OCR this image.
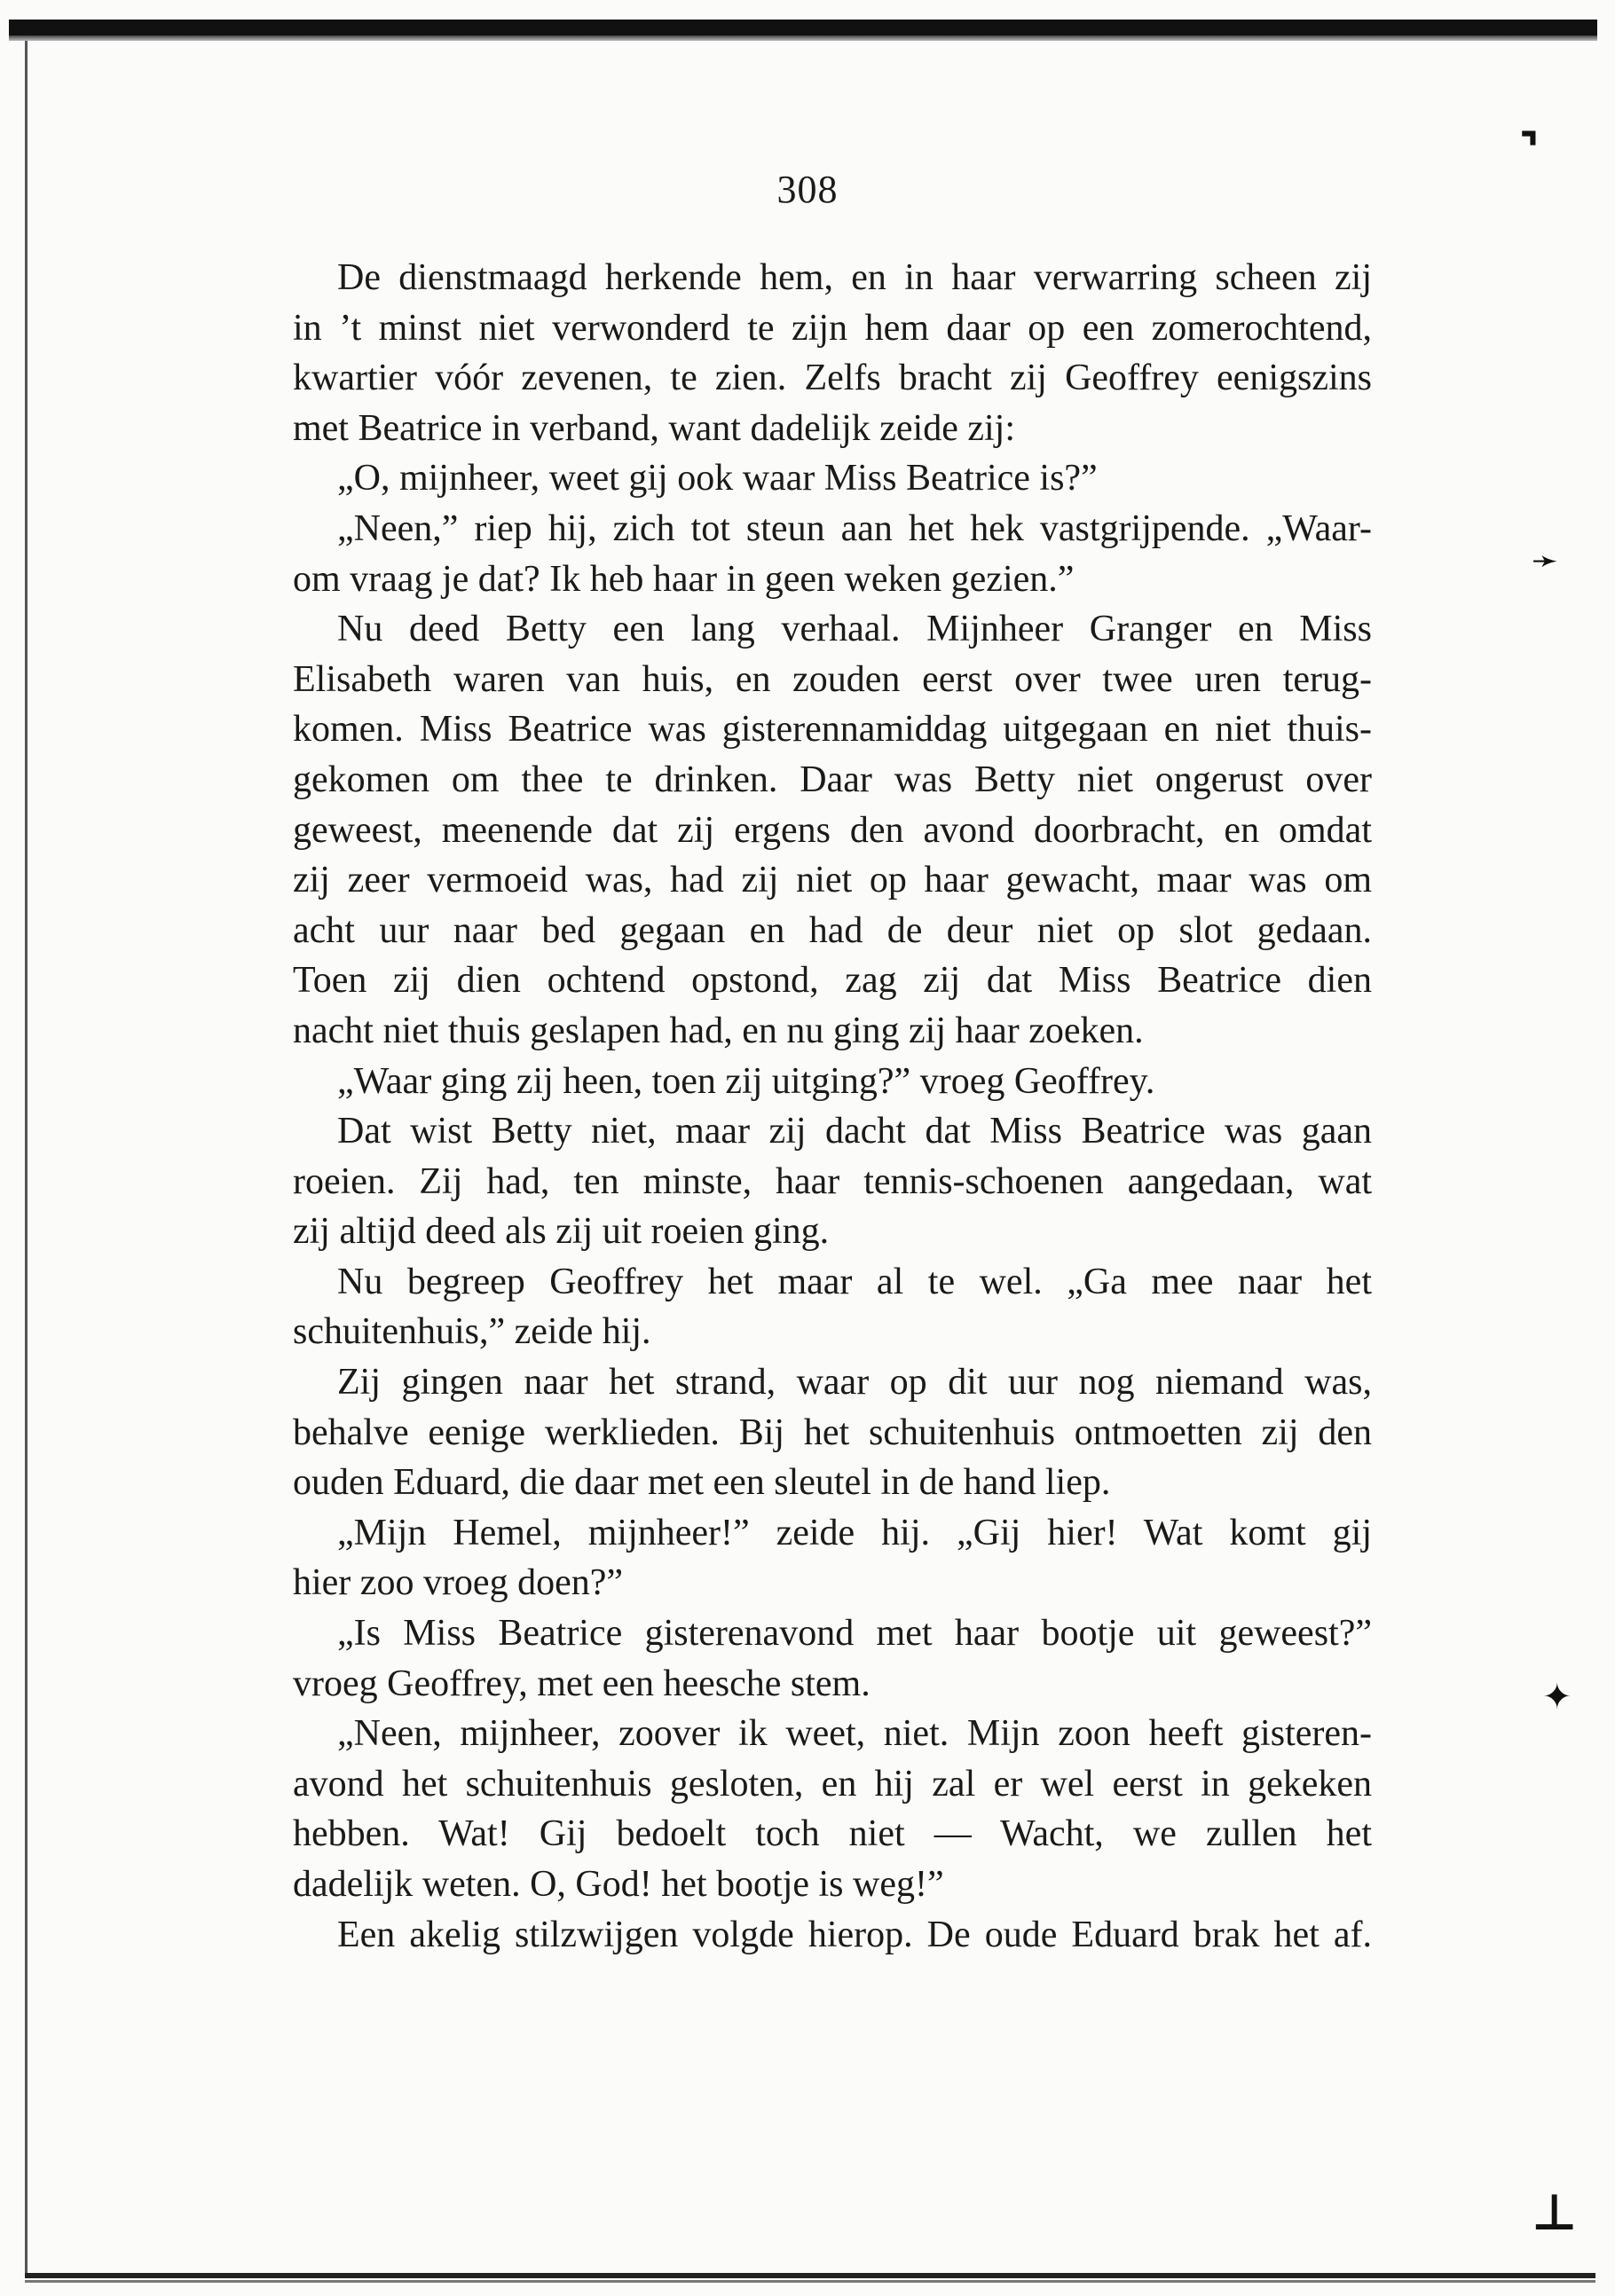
⌝
➛
✦
⊥
308
De dienstmaagd herkende hem, en in haar verwarring scheen zij
in ’t minst niet verwonderd te zijn hem daar op een zomerochtend,
kwartier vóór zevenen, te zien. Zelfs bracht zij Geoffrey eenigszins
met Beatrice in verband, want dadelijk zeide zij:
„O, mijnheer, weet gij ook waar Miss Beatrice is?”
„Neen,” riep hij, zich tot steun aan het hek vastgrijpende. „Waar-
om vraag je dat? Ik heb haar in geen weken gezien.”
Nu deed Betty een lang verhaal. Mijnheer Granger en Miss
Elisabeth waren van huis, en zouden eerst over twee uren terug-
komen. Miss Beatrice was gisterennamiddag uitgegaan en niet thuis-
gekomen om thee te drinken. Daar was Betty niet ongerust over
geweest, meenende dat zij ergens den avond doorbracht, en omdat
zij zeer vermoeid was, had zij niet op haar gewacht, maar was om
acht uur naar bed gegaan en had de deur niet op slot gedaan.
Toen zij dien ochtend opstond, zag zij dat Miss Beatrice dien
nacht niet thuis geslapen had, en nu ging zij haar zoeken.
„Waar ging zij heen, toen zij uitging?” vroeg Geoffrey.
Dat wist Betty niet, maar zij dacht dat Miss Beatrice was gaan
roeien. Zij had, ten minste, haar tennis-schoenen aangedaan, wat
zij altijd deed als zij uit roeien ging.
Nu begreep Geoffrey het maar al te wel. „Ga mee naar het
schuitenhuis,” zeide hij.
Zij gingen naar het strand, waar op dit uur nog niemand was,
behalve eenige werklieden. Bij het schuitenhuis ontmoetten zij den
ouden Eduard, die daar met een sleutel in de hand liep.
„Mijn Hemel, mijnheer!” zeide hij. „Gij hier! Wat komt gij
hier zoo vroeg doen?”
„Is Miss Beatrice gisterenavond met haar bootje uit geweest?”
vroeg Geoffrey, met een heesche stem.
„Neen, mijnheer, zoover ik weet, niet. Mijn zoon heeft gisteren-
avond het schuitenhuis gesloten, en hij zal er wel eerst in gekeken
hebben. Wat! Gij bedoelt toch niet — Wacht, we zullen het
dadelijk weten. O, God! het bootje is weg!”
Een akelig stilzwijgen volgde hierop. De oude Eduard brak het af.
